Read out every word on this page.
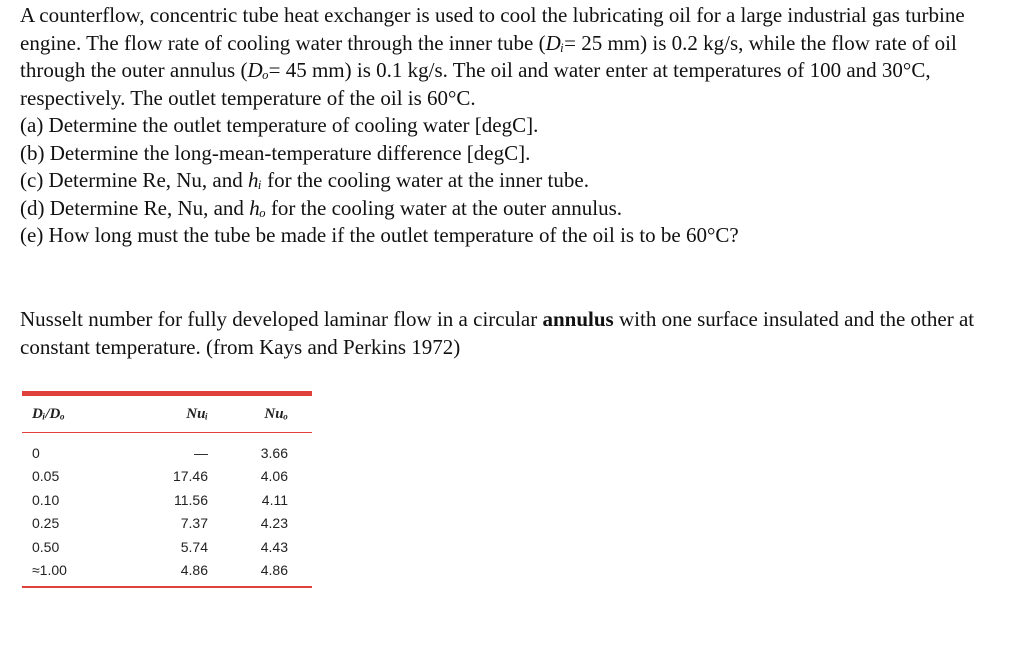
A counterflow, concentric tube heat exchanger is used to cool the lubricating oil for a large industrial gas turbine engine. The flow rate of cooling water through the inner tube (Dᵢ= 25 mm) is 0.2 kg/s, while the flow rate of oil through the outer annulus (Dₒ= 45 mm) is 0.1 kg/s. The oil and water enter at temperatures of 100 and 30°C, respectively. The outlet temperature of the oil is 60°C.

(a) Determine the outlet temperature of cooling water [degC].

(b) Determine the long-mean-temperature difference [degC].

(c) Determine Re, Nu, and hᵢ for the cooling water at the inner tube.

(d) Determine Re, Nu, and hₒ for the cooling water at the outer annulus.

(e) How long must the tube be made if the outlet temperature of the oil is to be 60°C?

Nusselt number for fully developed laminar flow in a circular annulus with one surface insulated and the other at constant temperature. (from Kays and Perkins 1972)

Dᵢ/Dₒ	Nuᵢ	Nuₒ
0	—	3.66
0.05	17.46	4.06
0.10	11.56	4.11
0.25	7.37	4.23
0.50	5.74	4.43
≈1.00	4.86	4.86
